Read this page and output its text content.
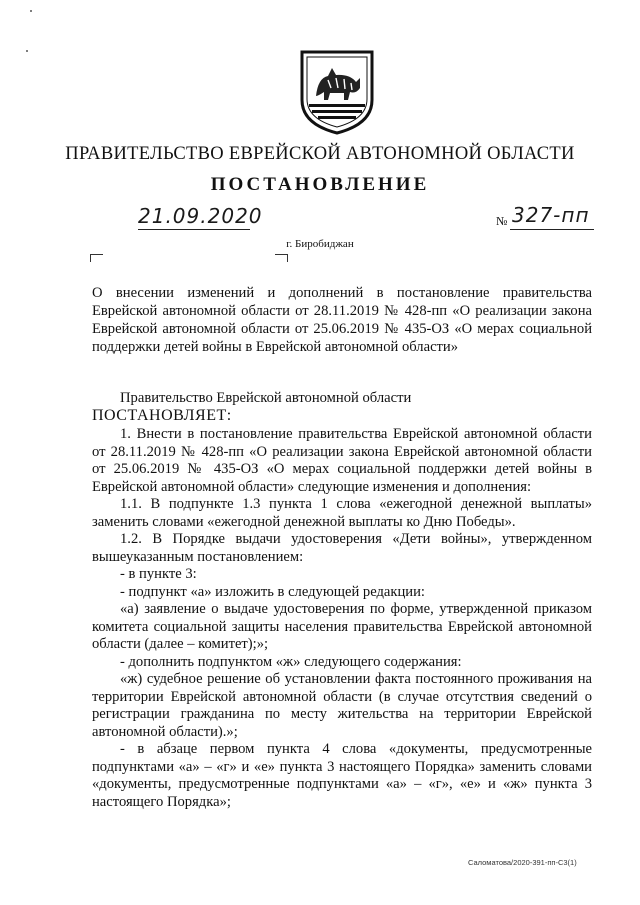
ПРАВИТЕЛЬСТВО ЕВРЕЙСКОЙ АВТОНОМНОЙ ОБЛАСТИ
ПОСТАНОВЛЕНИЕ
21.09.2020	№ 327-пп
г. Биробиджан
О внесении изменений и дополнений в постановление правительства Еврейской автономной области от 28.11.2019 № 428-пп «О реализации закона Еврейской автономной области от 25.06.2019 № 435-ОЗ «О мерах социальной поддержки детей войны в Еврейской автономной области»
Правительство Еврейской автономной области
ПОСТАНОВЛЯЕТ:

1. Внести в постановление правительства Еврейской автономной области от 28.11.2019 № 428-пп «О реализации закона Еврейской автономной области от 25.06.2019 № 435-ОЗ «О мерах социальной поддержки детей войны в Еврейской автономной области» следующие изменения и дополнения:

1.1. В подпункте 1.3 пункта 1 слова «ежегодной денежной выплаты» заменить словами «ежегодной денежной выплаты ко Дню Победы».

1.2. В Порядке выдачи удостоверения «Дети войны», утвержденном вышеуказанным постановлением:

- в пункте 3:

- подпункт «а» изложить в следующей редакции:

«а) заявление о выдаче удостоверения по форме, утвержденной приказом комитета социальной защиты населения правительства Еврейской автономной области (далее – комитет);»;

- дополнить подпунктом «ж» следующего содержания:

«ж) судебное решение об установлении факта постоянного проживания на территории Еврейской автономной области (в случае отсутствия сведений о регистрации гражданина по месту жительства на территории Еврейской автономной области).»;

- в абзаце первом пункта 4 слова «документы, предусмотренные подпунктами «а» – «г» и «е» пункта 3 настоящего Порядка» заменить словами «документы, предусмотренные подпунктами «а» – «г», «е» и «ж» пункта 3 настоящего Порядка»;

Саломатова/2020-391-пп-С3(1)
